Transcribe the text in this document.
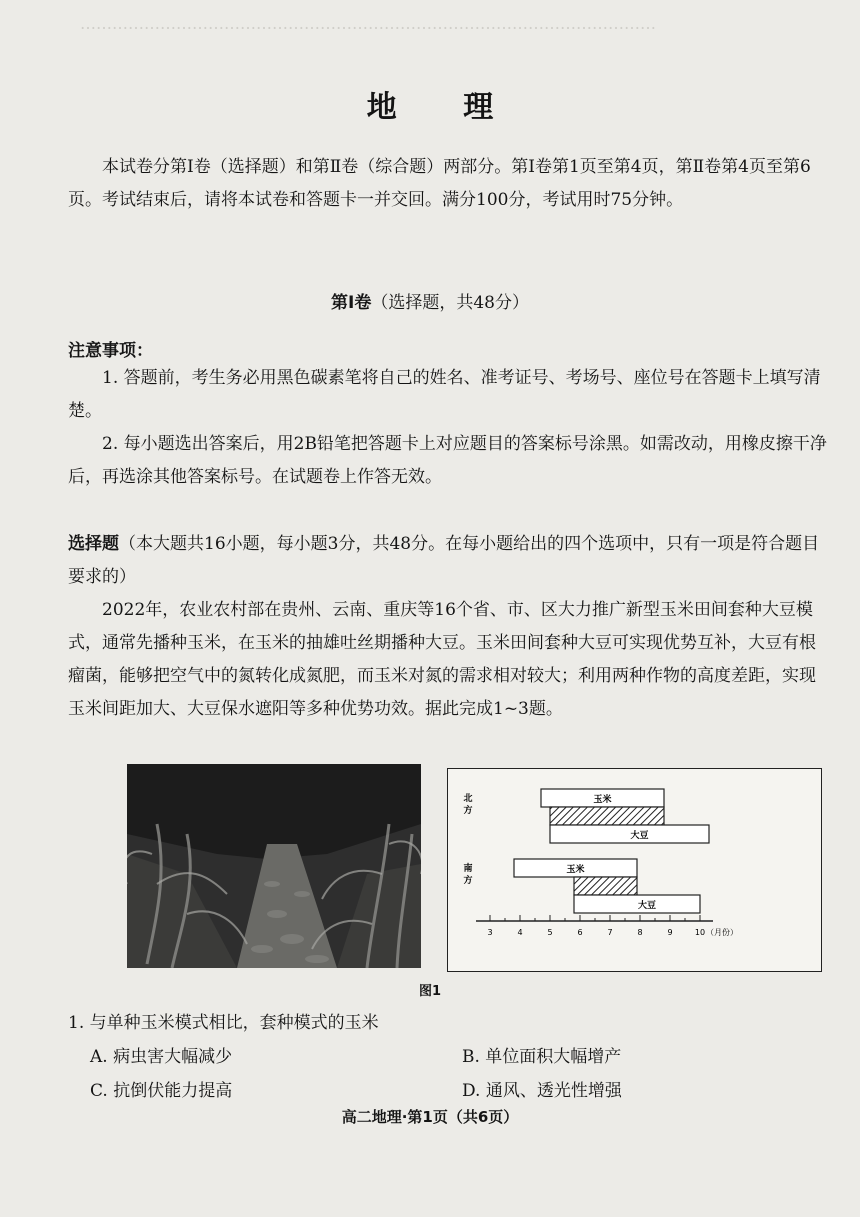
………………………………………………………………………………………………
地 理

本试卷分第Ⅰ卷（选择题）和第Ⅱ卷（综合题）两部分。第Ⅰ卷第1页至第4页，第Ⅱ卷第4页至第6页。考试结束后，请将本试卷和答题卡一并交回。满分100分，考试用时75分钟。

第Ⅰ卷（选择题，共48分）
注意事项：

1. 答题前，考生务必用黑色碳素笔将自己的姓名、准考证号、考场号、座位号在答题卡上填写清楚。

2. 每小题选出答案后，用2B铅笔把答题卡上对应题目的答案标号涂黑。如需改动，用橡皮擦干净后，再选涂其他答案标号。在试题卷上作答无效。

选择题（本大题共16小题，每小题3分，共48分。在每小题给出的四个选项中，只有一项是符合题目要求的）

2022年，农业农村部在贵州、云南、重庆等16个省、市、区大力推广新型玉米田间套种大豆模式，通常先播种玉米，在玉米的抽雄吐丝期播种大豆。玉米田间套种大豆可实现优势互补，大豆有根瘤菌，能够把空气中的氮转化成氮肥，而玉米对氮的需求相对较大；利用两种作物的高度差距，实现玉米间距加大、大豆保水遮阳等多种优势功效。据此完成1~3题。

北
方
玉米
大豆
南
方
玉米
大豆
3	4	5	6	7	8	9	10 （月份）
图1
1. 与单种玉米模式相比，套种模式的玉米
A. 病虫害大幅减少	B. 单位面积大幅增产
C. 抗倒伏能力提高	D. 通风、透光性增强
高二地理·第1页（共6页）
